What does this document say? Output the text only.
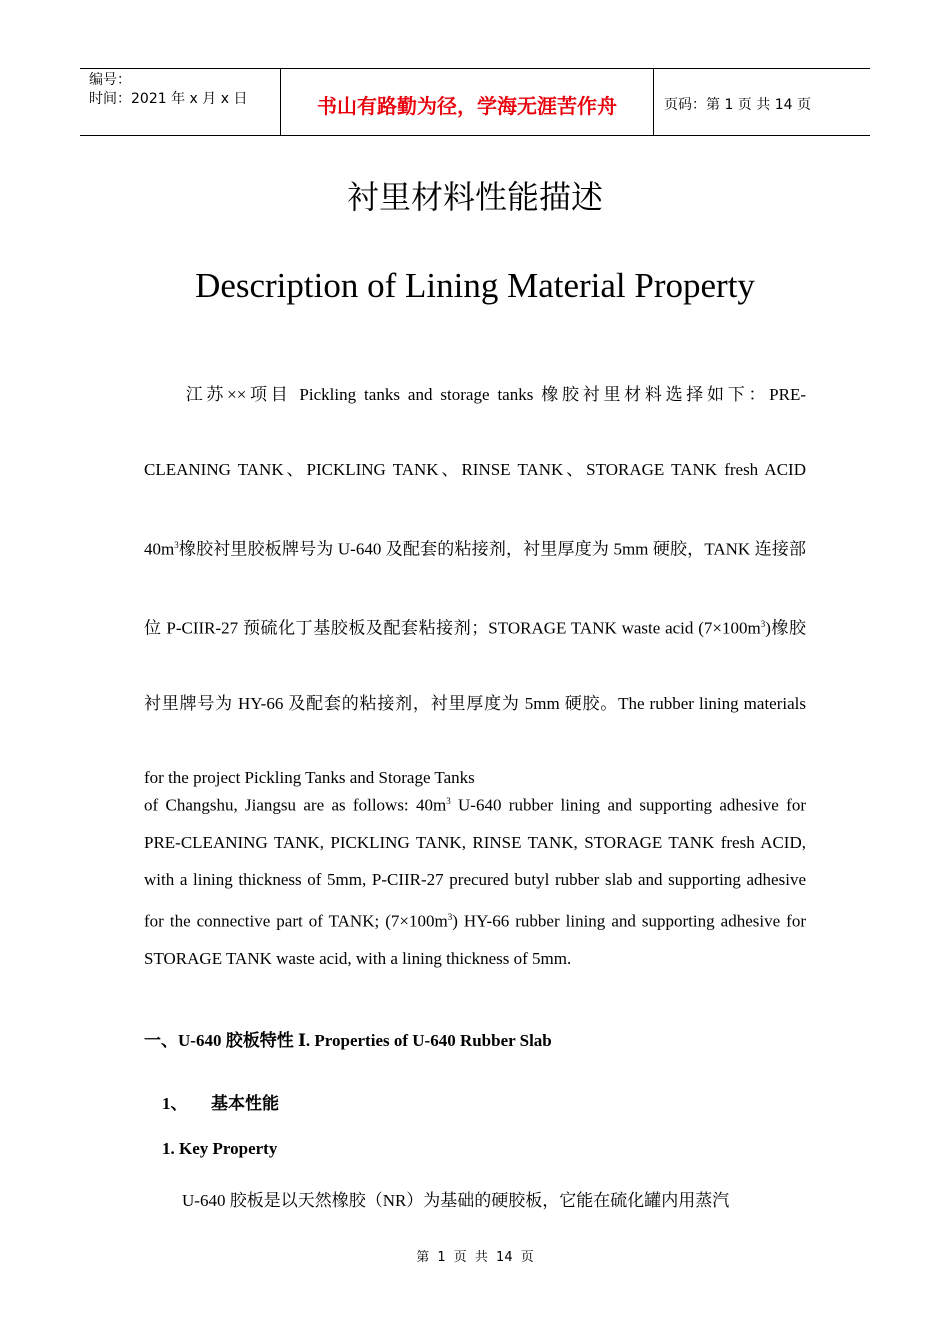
编号：
时间：2021 年 x 月 x 日	书山有路勤为径，学海无涯苦作舟	页码：第 1 页 共 14 页
衬里材料性能描述
Description of Lining Material Property
江苏××项目 Pickling tanks and storage tanks 橡胶衬里材料选择如下：PRE-CLEANING TANK、PICKLING TANK、RINSE TANK、STORAGE TANK fresh ACID $40m^3$橡胶衬里胶板牌号为 U-640 及配套的粘接剂，衬里厚度为 5mm 硬胶，TANK 连接部位 P-CIIR-27 预硫化丁基胶板及配套粘接剂；STORAGE TANK waste acid $(7\times 100m^3)$橡胶衬里牌号为 HY-66 及配套的粘接剂，衬里厚度为 5mm 硬胶。The rubber lining materials for the project Pickling Tanks and Storage Tanks
of Changshu, Jiangsu are as follows: $40m^3$ U-640 rubber lining and supporting adhesive for PRE-CLEANING TANK, PICKLING TANK, RINSE TANK, STORAGE TANK fresh ACID, with a lining thickness of 5mm, P-CIIR-27 precured butyl rubber slab and supporting adhesive for the connective part of TANK; $(7\times 100m^3)$ HY-66 rubber lining and supporting adhesive for STORAGE TANK waste acid, with a lining thickness of 5mm.
一、U-640 胶板特性 Ⅰ. Properties of U-640 Rubber Slab
1、 基本性能
1. Key Property
U-640 胶板是以天然橡胶（NR）为基础的硬胶板，它能在硫化罐内用蒸汽
第 1 页 共 14 页
